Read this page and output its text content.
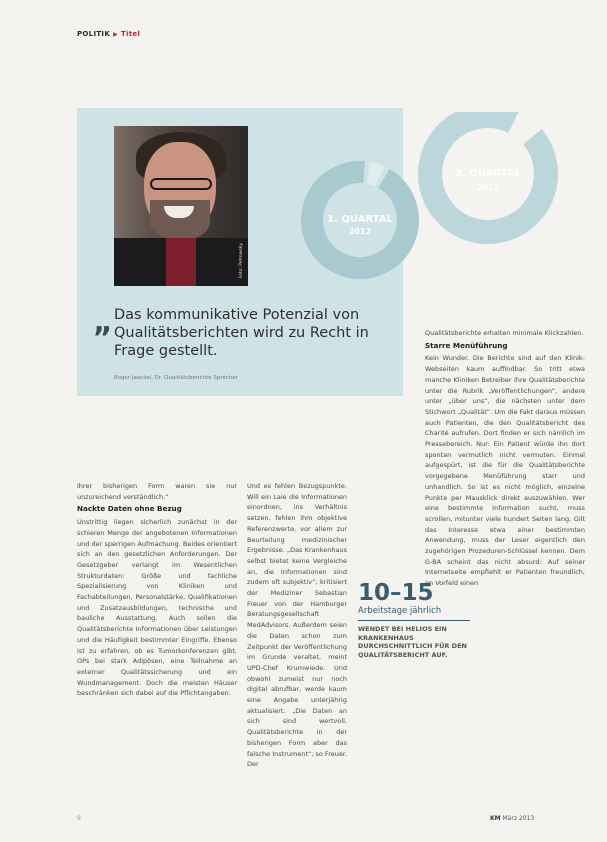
POLITIK ▶ Titel
Foto: Petrowsky
1. QUARTAL
2012
2. QUARTAL
2012
„ Das kommunikative Potenzial von Qualitätsberichten wird zu Recht in Frage gestellt.
Roger Jaeckel, Dr. Qualitätsberichte Sprecher

ihrer bisherigen Form waren sie nur unzureichend verständlich.“

Nackte Daten ohne Bezug

Unstrittig liegen sicherlich zunächst in der schieren Menge der angebotenen Informationen und der sperrigen Aufmachung. Beides orientiert sich an den gesetzlichen Anforderungen. Der Gesetzgeber verlangt im Wesentlichen Strukturdaten: Größe und fachliche Spezialisierung von Kliniken und Fachabteilungen, Personalstärke, Qualifikationen und Zusatzausbildungen, technische und bauliche Ausstattung. Auch sollen die Qualitätsberichte Informationen über Leistungen und die Häufigkeit bestimmter Eingriffe. Ebenso ist zu erfahren, ob es Tumorkonferenzen gibt, OPs bei stark Adipösen, eine Teilnahme an externer Qualitätssicherung und ein Wundmanagement. Doch die meisten Häuser beschränken sich dabei auf die Pflichtangaben.

Und es fehlen Bezugspunkte. Will ein Laie die Informationen einordnen, ins Verhältnis setzen, fehlen ihm objektive Referenzwerte, vor allem zur Beurteilung medizinischer Ergebnisse. „Das Krankenhaus selbst bietet keine Vergleiche an, die Informationen sind zudem oft subjektiv“, kritisiert der Mediziner Sebastian Freuer von der Hamburger Beratungsgesellschaft MedAdvisors. Außerdem seien die Daten schon zum Zeitpunkt der Veröffentlichung im Grunde veraltet, meint UPD-Chef Krumwiede. Und obwohl zumeist nur noch digital abrufbar, werde kaum eine Angabe unterjährig aktualisiert. „Die Daten an sich sind wertvoll, Qualitätsberichte in der bisherigen Form aber das falsche Instrument“, so Freuer. Der

10–15
Arbeitstage jährlich
WENDET BEI HELIOS EIN KRANKENHAUS DURCHSCHNITTLICH FÜR DEN QUALITÄTSBERICHT AUF.

Qualitätsberichte erhalten minimale Klickzahlen.

Starre Menüführung

Kein Wunder. Die Berichte sind auf den Klinik-Webseiten kaum auffindbar. So tritt etwa manche Kliniken Betreiber ihre Qualitätsberichte unter die Rubrik „Veröffentlichungen“, andere unter „über uns“, die nächsten unter dem Stichwort „Qualität“. Um die Fakt daraus müssen auch Patienten, die den Qualitätsbericht des Charité aufrufen. Dort finden er sich nämlich im Pressebereich. Nur: Ein Patient würde ihn dort spontan vermutlich nicht vermuten. Einmal aufgespürt, ist die für die Qualitätsberichte vorgegebene Menüführung starr und unhandlich. So ist es nicht möglich, einzelne Punkte per Mausklick direkt auszuwählen. Wer eine bestimmte Information sucht, muss scrollen, mitunter viele hundert Seiten lang. Gilt das Interesse etwa einer bestimmten Anwendung, muss der Leser eigentlich den zugehörigen Prozeduren-Schlüssel kennen. Dem G-BA scheint das nicht absurd: Auf seiner Internetseite empfiehlt er Patienten freundlich, im Vorfeld einen

9	KM März 2013
